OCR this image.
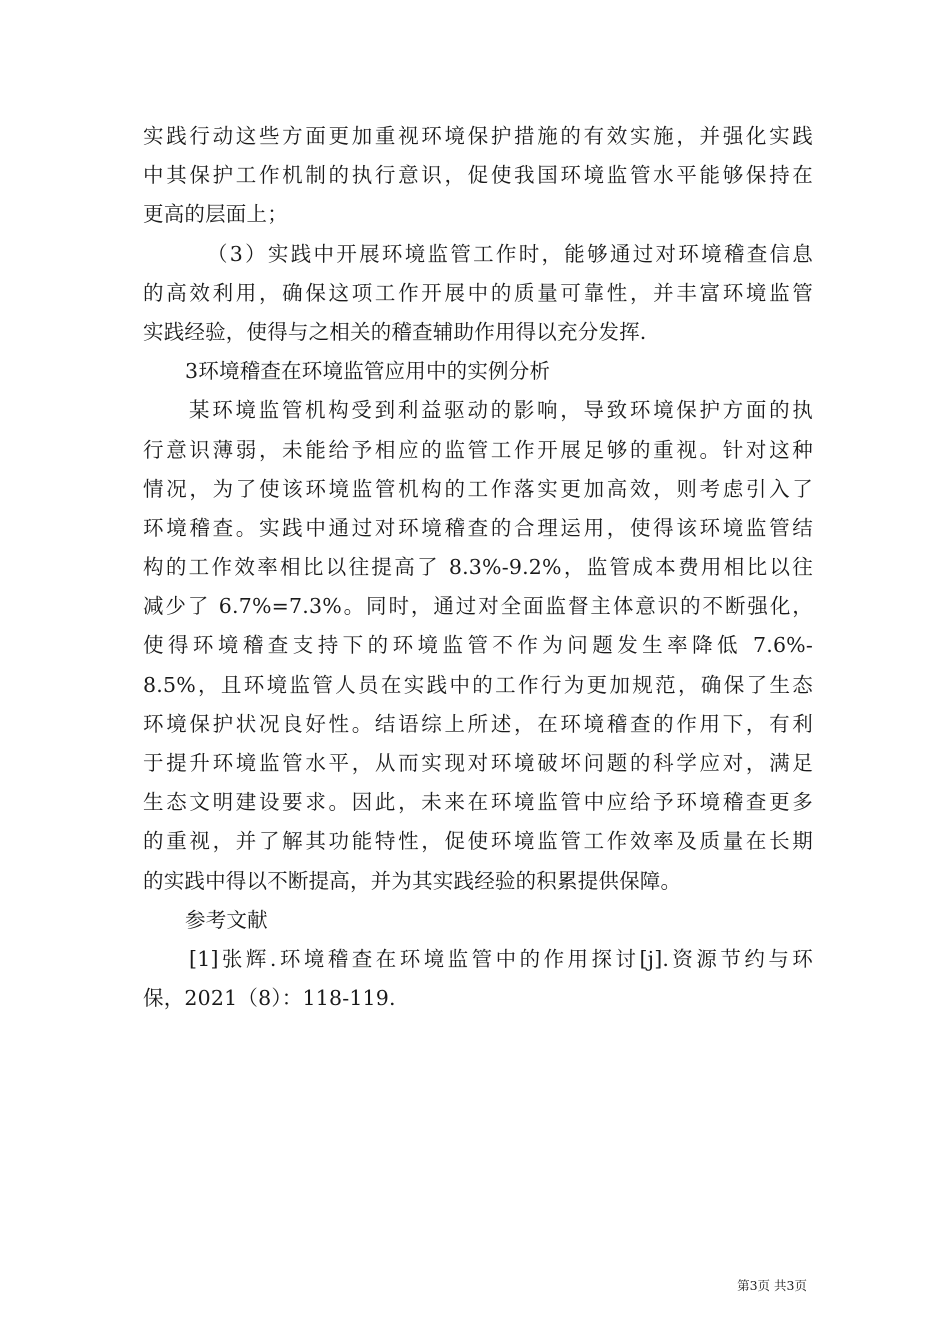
实践行动这些方面更加重视环境保护措施的有效实施，并强化实践
中其保护工作机制的执行意识，促使我国环境监管水平能够保持在
更高的层面上；
（3）实践中开展环境监管工作时，能够通过对环境稽查信息
的高效利用，确保这项工作开展中的质量可靠性，并丰富环境监管
实践经验，使得与之相关的稽查辅助作用得以充分发挥.
3环境稽查在环境监管应用中的实例分析
某环境监管机构受到利益驱动的影响，导致环境保护方面的执
行意识薄弱，未能给予相应的监管工作开展足够的重视。针对这种
情况，为了使该环境监管机构的工作落实更加高效，则考虑引入了
环境稽查。实践中通过对环境稽查的合理运用，使得该环境监管结
构的工作效率相比以往提高了 8.3%-9.2%，监管成本费用相比以往
减少了 6.7%=7.3%。同时，通过对全面监督主体意识的不断强化，
使得环境稽查支持下的环境监管不作为问题发生率降低 7.6%-
8.5%，且环境监管人员在实践中的工作行为更加规范，确保了生态
环境保护状况良好性。结语综上所述，在环境稽查的作用下，有利
于提升环境监管水平，从而实现对环境破坏问题的科学应对，满足
生态文明建设要求。因此，未来在环境监管中应给予环境稽查更多
的重视，并了解其功能特性，促使环境监管工作效率及质量在长期
的实践中得以不断提高，并为其实践经验的积累提供保障。
参考文献
[1]张辉.环境稽查在环境监管中的作用探讨[j].资源节约与环
保，2021（8）：118-119.
第3页 共3页
